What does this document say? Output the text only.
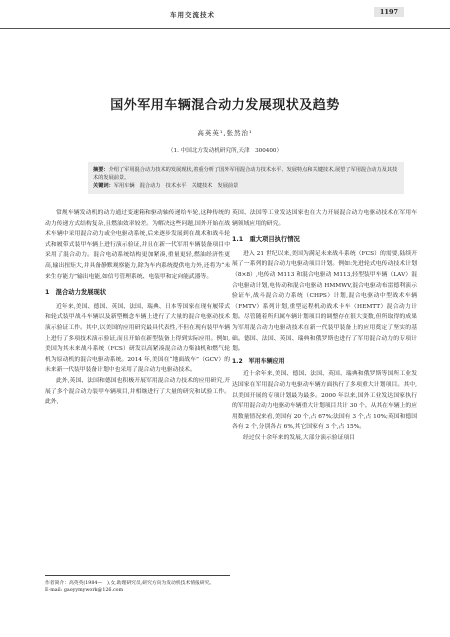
车用交流技术	1197
国外军用车辆混合动力发展现状及趋势
高英英¹,张然治¹
（1. 中国北方发动机研究所,天津　300400）
摘要：介绍了军用混合动力技术的发展现状,着重分析了国外军用混合动力技术水平、发展特点和关键技术,展望了军用混合动力及其技术的发展前景。
关键词：军用车辆　混合动力　技术水平　关键技术　发展前景

常规车辆发动机的动力通过变速箱和驱动轴传递给车轮,这种传统的动力传递方式结构复杂,且燃油效率较差。为解决这些问题,国外开始在战术车辆中采用混合动力或全电驱动系统,后来逐步发展到在战术和战斗轮式和履带式装甲车辆上进行演示验证,并且在新一代军用车辆装备项目中采用了混合动力。混合电动系统结构更加紧凑,重量更轻,燃油经济性更高,输出扭矩大,并具备静默观察能力,除为车内系统提供电力外,还将为“未来生存能力”输出电能,如信号管理系统、电装甲和定向能武器等。

1　混合动力发展现状

近年来,美国、德国、英国、法国、瑞典、日本等国家在现有履带式和轮式装甲战斗车辆以及新型概念车辆上进行了大量的混合电驱动技术演示验证工作。其中,以美国的应用研究最具代表性,不但在现有装甲车辆上进行了多项技术演示验证,而且开始在新型装备上得到实际应用。例如,美国为其未来战斗系统（FCS）研发以高紧凑混合动力柴油机和燃气轮机为原动机的混合电驱动系统。2014 年,美国在“地面战车”（GCV）的未来新一代装甲装备计划中也采用了混合动力电驱动技术。

此外,英国、法国和德国也积极开展军用混合动力技术的应用研究,开展了多个混合动力装甲车辆项目,并相继进行了大量的研究和试验工作。此外,

英国、法国等工业发达国家也在大力开展混合动力电驱动技术在军用车辆领域应用的研究。

1.1　重大项目执行情况

进入 21 世纪以来,美国为满足未来战斗系统（FCS）的需要,陆续开展了一系列的混合动力电驱动项目计划。例如:先进轮式电传动技术计划（8×8）,电传动 M113 和混合电驱动 M113,轻型装甲车辆（LAV）混合电驱动计划,电传动和混合电驱动 HMMWV,混合电驱动布雷德利演示验证车,战斗混合动力系统（CHPS）计划,混合电驱动中型战术车辆（FMTV）系列计划,重型运程机动战术卡车（HEMTT）混合动力计划。尽管随着所归属车辆计划项目的调整存在很大变数,但所取得的成果为军用混合动力电驱动技术在新一代装甲装备上的应用奠定了坚实的基础。德国、法国、英国、瑞典和俄罗斯也进行了军用混合动力的专项计划。

1.2　军用车辆应用

近十余年来,美国、德国、法国、英国、瑞典和俄罗斯等国所工业发达国家在军用混合动力电驱动车辆方面执行了多项重大计划项目。其中,以美国开展的专项计划最为最多。2000 年以来,国外工业发达国家执行的军用混合动力电驱动车辆重大计划项目共计 30 个。从其在车辆上的应用数量情况来看,美国有 20 个,占 67%;法国有 3 个,占 10%;英国和德国各有 2 个,分别各占 6%,其它国家有 3 个,占 15%。

经过仅十余年来的发展,大部分演示验证项目

作者简介：高英英(1984—　),女,助理研究员,研究方向为发动机技术情报研究。
E-mail: gaoyymywork@126.com
